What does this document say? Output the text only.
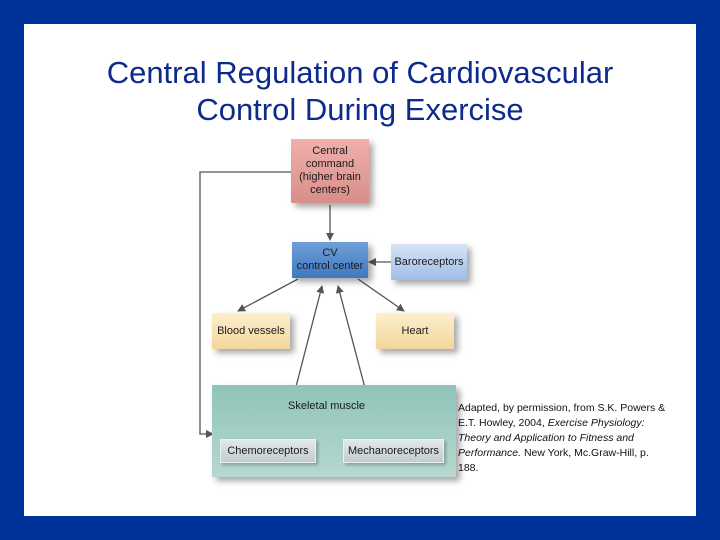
Central Regulation of Cardiovascular
Control During Exercise
Central command (higher brain centers)
CV
control center	Baroreceptors
Blood vessels	Heart
Skeletal muscle
Chemoreceptors	Mechanoreceptors
Adapted, by permission, from S.K. Powers & E.T. Howley, 2004, Exercise Physiology: Theory and Application to Fitness and Performance. New York, Mc.Graw-Hill, p. 188.
